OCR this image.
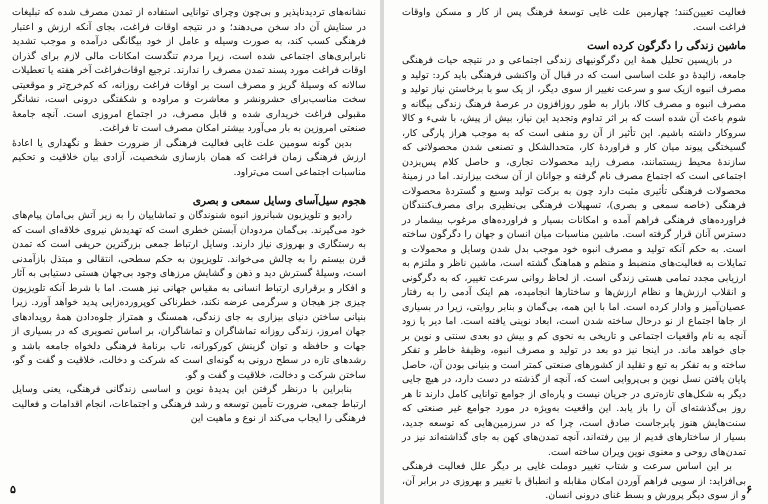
نشانه‌های تردیدناپذیر و بی‌چون وچرای توانایی استفاده از تمدن مصرف شده که تبلیغات در ستایش آن داد سخن می‌دهند؛ و در نتیجه اوقات فراغت، بجای آنکه ارزش و اعتبار فرهنگی کسب کند، به صورت وسیله و عامل از خود بیگانگی درآمده و موجب تشدید نابرابری‌های اجتماعی شده است، زیرا مردم تنگدست امکانات مالی لازم برای گذران اوقات فراغت مورد پسند تمدن مصرف را ندارند. ترجیع اوقات‌فراغت آخر هفته یا تعطیلات سالانه که وسیلهٔ گریز و مصرف است بر اوقات فراغت روزانه، که کم‌خرج‌تر و موقعیتی سخت مناسب‌برای حشرونشر و معاشرت و مراوده و شکفتگی درونی است، نشانگر مقبولی فراغت خریداری شده و قابل مصرف، در اجتماع امروزی است. آنچه جامعهٔ صنعتی امروزین به بار می‌آورد بیشتر امکان مصرف است تا فراغت.

بدین گونه سومین علت غایی فعالیت فرهنگی از ضرورت حفظ و نگهداری یا اعادهٔ ارزش فرهنگی زمان فراغت که همان بازسازی شخصیت، آزادی بیان خلاقیت و تحکیم مناسبات اجتماعی است می‌تراود.

هجوم سیل‌آسای وسایل سمعی و بصری

رادیو و تلویزیون شبانروز انبوه شنوندگان و تماشاییان را به زیر آتش بی‌امان پیام‌های خود می‌گیرند. بی‌گمان مردودان آبستن خطری است که تهدیدش نیروی خلاقه‌ای است که به رستگاری و بهروزی نیاز دارند. وسایل ارتباط جمعی بزرگترین حریفی است که تمدن قرن بیستم را به چالش می‌خواند. تلویزیون به حکم سطحی، انتقالی و مبتذل بازآمدنی است، وسیلهٔ گسترش دید و ذهن و گشایش مرزهای وجود بی‌جهان هستی دستیابی به آثار و افکار و برقراری ارتباط انسانی به مقیاس جهانی نیز هست. اما با شرط آنکه تلویزیون چیزی جز هیجان و سرگرمی عرضه نکند، خطرناکی کوپرورده‌زایی پدید خواهد آورد. زیرا بنیانی ساختن دنیای بیزاری به جای زندگی، همسنگ و همتراز جلوه‌دادن همهٔ رویدادهای جهان امروز، زندگی روزانه تماشاگران و تماشاگران، بر اساس تصویری که در بسیاری از جهات و حافظه و توان گزینش کورکورانه، تاب برنامهٔ فرهنگی دلخواه جامعه باشد و رشدهای تازه در سطح درونی به گونه‌ای است که شرکت و دخالت، خلاقیت و گفت و گو، ساختن شرکت و دخالت، خلاقیت و گفت و گو.

بنابراین با درنظر گرفتن این پدیدهٔ نوین و اساسی زندگانی فرهنگی، یعنی وسایل ارتباط جمعی، ضرورت تأمین توسعه و رشد فرهنگی و اجتماعات، انجام اقدامات و فعالیت فرهنگی را ایجاب می‌کند از نوع و ماهیت این

۵

فعالیت تعیین‌کنند؛ چهارمین علت غایی توسعهٔ فرهنگ پس از کار و مسکن واوقات فراغت است.

ماشین زندگی را دگرگون کرده است

در بازپسین تحلیل همهٔ این دگرگونیهای زندگی اجتماعی و در نتیجه حیات فرهنگی جامعه، زائیدهٔ دو علت اساسی است که در قبال آن واکنشی فرهنگی باید کرد: تولید و مصرف انبوه ازیک سو و سرعت تغییر از سوی دیگر، از یک سو با برخاستن نیاز تولید و مصرف انبوه و مصرف کالا، بازار به طور روزافزون در عرصهٔ فرهنگ زندگی بیگانه و شوم باعث آن شده است که بر اثر تداوم وتجدید این نیاز، بیش از پیش، با شیء و کالا سروکار داشته باشیم. این تأثیر از آن رو منفی است که به موجب هراز پارگی کار، گسیختگی پیوند میان کار و فراوردهٔ کار، متحدالشکل و تصنعی شدن محصولاتی که سازندهٔ محیط زیستمانند، مصرف زاید محصولات تجاری، و حاصل کلام پس‌بزدن اجتماعی است که اجتماع مصرف نام گرفته و جوانان از آن سخت بیزارند. اما در زمینهٔ محصولات فرهنگی تأثیری مثبت دارد چون به برکت تولید وسیع و گستردهٔ محصولات فرهنگی (خاصه سمعی و بصری)، تسهیلات فرهنگی بی‌نظیری برای مصرف‌کنندگان فراورده‌های فرهنگی فراهم آمده و امکانات بسیار و فراورده‌های مرغوب بیشمار در دسترس آنان قرار گرفته است. ماشین مناسبات میان انسان و جهان را دگرگون ساخته است. به حکم آنکه تولید و مصرف انبوه خود موجب بدل شدن وسایل و محمولات و تمایلات به فعالیت‌های منضبط و منظم و هماهنگ گشته است، ماشین ناظر و ملتزم به ارزیابی مجدد تمامی هستی زندگی است. از لحاظ روانی سرعت تغییر، که به دگرگونی و انقلاب ارزش‌ها و نظام ارزش‌ها و ساختارها انجامیده، هم اینک آدمی را به رفتار عصیان‌آمیز و وادار کرده است. اما با این همه، بی‌گمان و بنابر روایتی، زیرا در بسیاری از جاها اجتماع از نو درحال ساخته شدن است، ابعاد نوینی یافته است. اما دیر یا زود آنچه به نام واقعیات اجتماعی و تاریخی به نحوی کم و بیش دو بعدی سنتی و نوین بر جای خواهد ماند. در اینجا نیز دو بعد در تولید و مصرف انبوه، وظیفهٔ خاطر و تفکر ساخته و به تفکر به تبع و تقلید از کشورهای صنعتی کمتر است و بنیانی بودن آن، حاصل پایان یافتن نسل نوین و بی‌پروایی است که، آنچه از گذشته در دست دارد، در هیچ جایی دیگر به شکل‌های تازه‌تری در جریان نیست و پاره‌ای از جوامع توانایی کامل دارند تا هر روز بی‌گذشته‌ای آن را باز یابد. این واقعیت به‌ویژه در مورد جوامع غیر صنعتی که سنت‌هایش هنوز پابرجاست صادق است، چرا که در سرزمین‌هایی که توسعه جدید، بسیار از ساختارهای قدیم از بین رفته‌اند، آنچه تمدن‌های کهن به جای گذاشته‌اند نیز در تمدن‌های روحی و معنوی نوین ویران ساخته است.

بر این اساس سرعت و شتاب تغییر دوملت غایی بر دیگر علل فعالیت فرهنگی بی‌افزاید: از سویی فراهم آوردن امکان مقابله و انطباق با تغییر و بهروزی در برابر آن، و از سوی دیگر پرورش و بسط غنای درونی انسان. ۶
